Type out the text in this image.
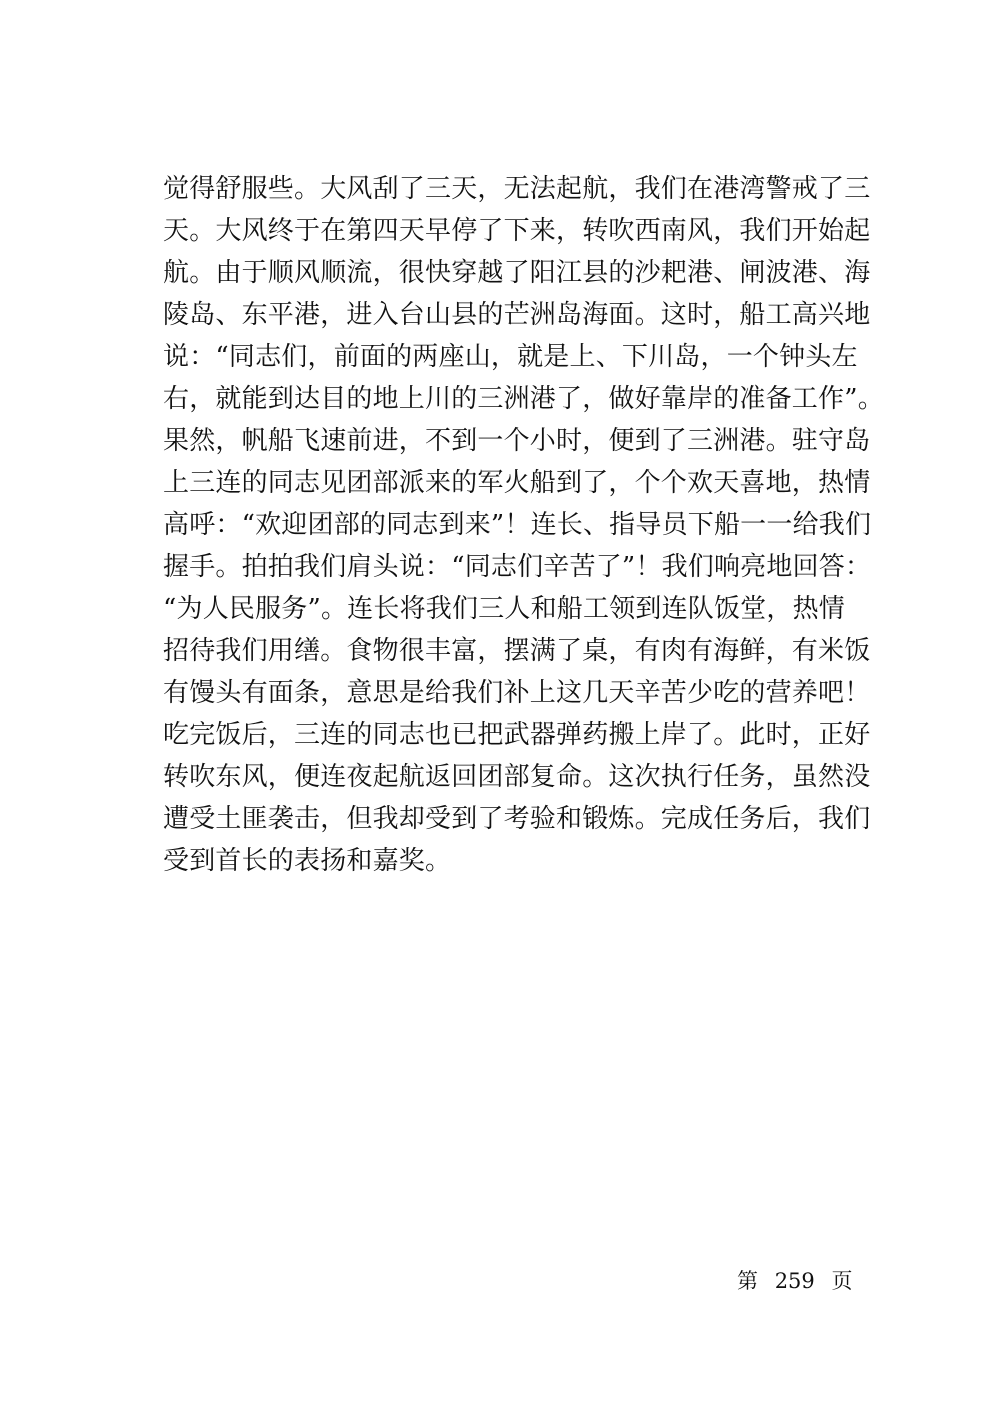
觉得舒服些。大风刮了三天，无法起航，我们在港湾警戒了三
天。大风终于在第四天早停了下来，转吹西南风，我们开始起
航。由于顺风顺流，很快穿越了阳江县的沙耙港、闸波港、海
陵岛、东平港，进入台山县的芒洲岛海面。这时，船工高兴地
说：“同志们，前面的两座山，就是上、下川岛，一个钟头左
右，就能到达目的地上川的三洲港了，做好靠岸的准备工作”。
果然，帆船飞速前进，不到一个小时，便到了三洲港。驻守岛
上三连的同志见团部派来的军火船到了，个个欢天喜地，热情
高呼：“欢迎团部的同志到来”！连长、指导员下船一一给我们
握手。拍拍我们肩头说：“同志们辛苦了”！我们响亮地回答：
“为人民服务”。连长将我们三人和船工领到连队饭堂，热情
招待我们用缮。食物很丰富，摆满了桌，有肉有海鲜，有米饭
有馒头有面条，意思是给我们补上这几天辛苦少吃的营养吧！
吃完饭后，三连的同志也已把武器弹药搬上岸了。此时，正好
转吹东风，便连夜起航返回团部复命。这次执行任务，虽然没
遭受土匪袭击，但我却受到了考验和锻炼。完成任务后，我们
受到首长的表扬和嘉奖。
第 259 页
